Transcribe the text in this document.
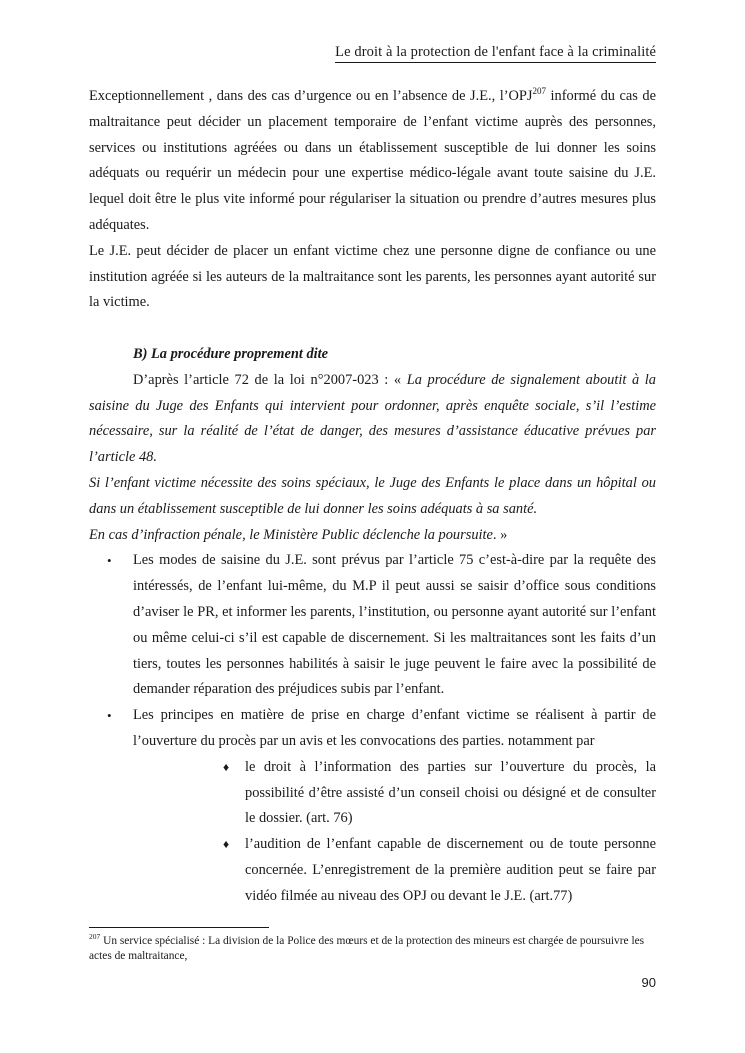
Le droit à la protection de l'enfant face à la criminalité

Exceptionnellement , dans des cas d’urgence ou en l’absence de J.E., l’OPJ$^{207}$ informé du cas de maltraitance peut décider un placement temporaire de l’enfant victime auprès des personnes, services ou institutions agréées ou dans un établissement susceptible de lui donner les soins adéquats ou requérir un médecin pour une expertise médico-légale avant toute saisine du J.E. lequel doit être le plus vite informé pour régulariser la situation ou prendre d’autres mesures plus adéquates.

Le J.E. peut décider de placer un enfant victime chez une personne digne de confiance ou une institution agréée si les auteurs de la maltraitance sont les parents, les personnes ayant autorité sur la victime.

B) La procédure proprement dite

D’après l’article 72 de la loi n°2007-023 : « La procédure de signalement aboutit à la saisine du Juge des Enfants qui intervient pour ordonner, après enquête sociale, s’il l’estime nécessaire, sur la réalité de l’état de danger, des mesures d’assistance éducative prévues par l’article 48.

Si l’enfant victime nécessite des soins spéciaux, le Juge des Enfants le place dans un hôpital ou dans un établissement susceptible de lui donner les soins adéquats à sa santé.

En cas d’infraction pénale, le Ministère Public déclenche la poursuite. »

• Les modes de saisine du J.E. sont prévus par l’article 75 c’est-à-dire par la requête des intéressés, de l’enfant lui-même, du M.P il peut aussi se saisir d’office sous conditions d’aviser le PR, et informer les parents, l’institution, ou personne ayant autorité sur l’enfant ou même celui-ci s’il est capable de discernement. Si les maltraitances sont les faits d’un tiers, toutes les personnes habilités à saisir le juge peuvent le faire avec la possibilité de demander réparation des préjudices subis par l’enfant.
• Les principes en matière de prise en charge d’enfant victime se réalisent à partir de l’ouverture du procès par un avis et les convocations des parties. notamment par
♦ le droit à l’information des parties sur l’ouverture du procès, la possibilité d’être assisté d’un conseil choisi ou désigné et de consulter le dossier. (art. 76)
♦ l’audition de l’enfant capable de discernement ou de toute personne concernée. L’enregistrement de la première audition peut se faire par vidéo filmée au niveau des OPJ ou devant le J.E. (art.77)
$^{207}$ Un service spécialisé : La division de la Police des mœurs et de la protection des mineurs est chargée de poursuivre les actes de maltraitance,
90
